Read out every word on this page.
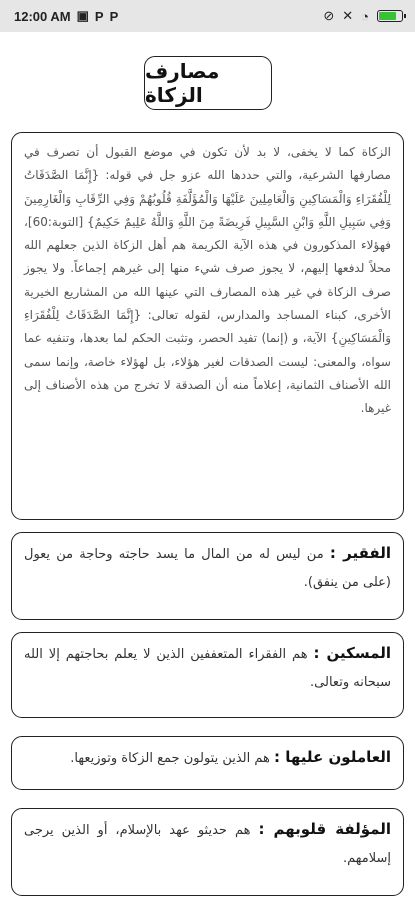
12:00 AM ▣ P P	⊘ ✕ ◔
مصارف الزكاة
الزكاة كما لا يخفى، لا بد لأن تكون في موضع القبول أن تصرف في مصارفها الشرعية، والتي حددها الله عزو جل في قوله: {إِنَّمَا الصَّدَقَاتُ لِلْفُقَرَاءِ وَالْمَسَاكِينِ وَالْعَامِلِينَ عَلَيْهَا وَالْمُؤَلَّفَةِ قُلُوبُهُمْ وَفِي الرِّقَابِ وَالْغَارِمِينَ وَفِي سَبِيلِ اللَّهِ وَابْنِ السَّبِيلِ فَرِيضَةً مِنَ اللَّهِ وَاللَّهُ عَلِيمٌ حَكِيمٌ} [التوبة:60]، فهؤلاء المذكورون في هذه الآية الكريمة هم أهل الزكاة الذين جعلهم الله محلاً لدفعها إليهم، لا يجوز صرف شيء منها إلى غيرهم إجماعاً. ولا يجوز صرف الزكاة في غير هذه المصارف التي عينها الله من المشاريع الخيرية الأخرى، كبناء المساجد والمدارس، لقوله تعالى: {إِنَّمَا الصَّدَقَاتُ لِلْفُقَرَاءِ وَالْمَسَاكِينِ} الآية، و (إنما) تفيد الحصر، وتثبت الحكم لما بعدها، وتنفيه عما سواه، والمعنى: ليست الصدقات لغير هؤلاء، بل لهؤلاء خاصة، وإنما سمى الله الأصناف الثمانية، إعلاماً منه أن الصدقة لا تخرج من هذه الأصناف إلى غيرها.
الفقير : من ليس له من المال ما يسد حاجته وحاجة من يعول (على من ينفق).
المسكين : هم الفقراء المتعففين الذين لا يعلم بحاجتهم إلا الله سبحانه وتعالى.
العاملون عليها : هم الذين يتولون جمع الزكاة وتوزيعها.
المؤلفة قلوبهم : هم حديثو عهد بالإسلام، أو الذين يرجى إسلامهم.
